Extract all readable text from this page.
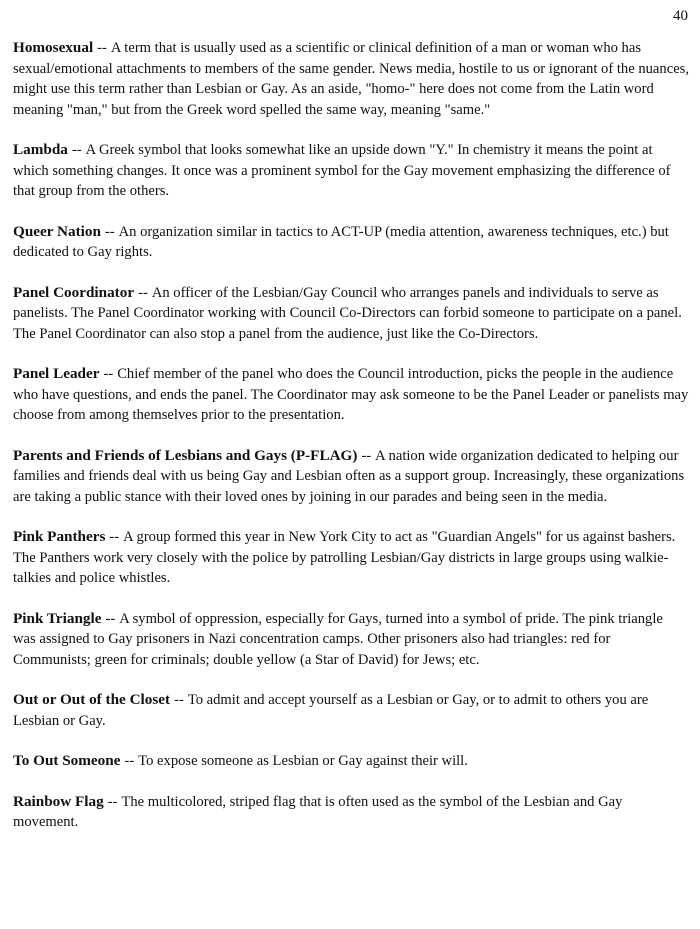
40

Homosexual -- A term that is usually used as a scientific or clinical definition of a man or woman who has sexual/emotional attachments to members of the same gender. News media, hostile to us or ignorant of the nuances, might use this term rather than Lesbian or Gay. As an aside, "homo-" here does not come from the Latin word meaning "man," but from the Greek word spelled the same way, meaning "same."

Lambda -- A Greek symbol that looks somewhat like an upside down "Y." In chemistry it means the point at which something changes. It once was a prominent symbol for the Gay movement emphasizing the difference of that group from the others.

Queer Nation -- An organization similar in tactics to ACT-UP (media attention, awareness techniques, etc.) but dedicated to Gay rights.

Panel Coordinator -- An officer of the Lesbian/Gay Council who arranges panels and individuals to serve as panelists. The Panel Coordinator working with Council Co-Directors can forbid someone to participate on a panel. The Panel Coordinator can also stop a panel from the audience, just like the Co-Directors.

Panel Leader -- Chief member of the panel who does the Council introduction, picks the people in the audience who have questions, and ends the panel. The Coordinator may ask someone to be the Panel Leader or panelists may choose from among themselves prior to the presentation.

Parents and Friends of Lesbians and Gays (P-FLAG) -- A nation wide organization dedicated to helping our families and friends deal with us being Gay and Lesbian often as a support group. Increasingly, these organizations are taking a public stance with their loved ones by joining in our parades and being seen in the media.

Pink Panthers -- A group formed this year in New York City to act as "Guardian Angels" for us against bashers. The Panthers work very closely with the police by patrolling Lesbian/Gay districts in large groups using walkie-talkies and police whistles.

Pink Triangle -- A symbol of oppression, especially for Gays, turned into a symbol of pride. The pink triangle was assigned to Gay prisoners in Nazi concentration camps. Other prisoners also had triangles: red for Communists; green for criminals; double yellow (a Star of David) for Jews; etc.

Out or Out of the Closet -- To admit and accept yourself as a Lesbian or Gay, or to admit to others you are Lesbian or Gay.

To Out Someone -- To expose someone as Lesbian or Gay against their will.

Rainbow Flag -- The multicolored, striped flag that is often used as the symbol of the Lesbian and Gay movement.
